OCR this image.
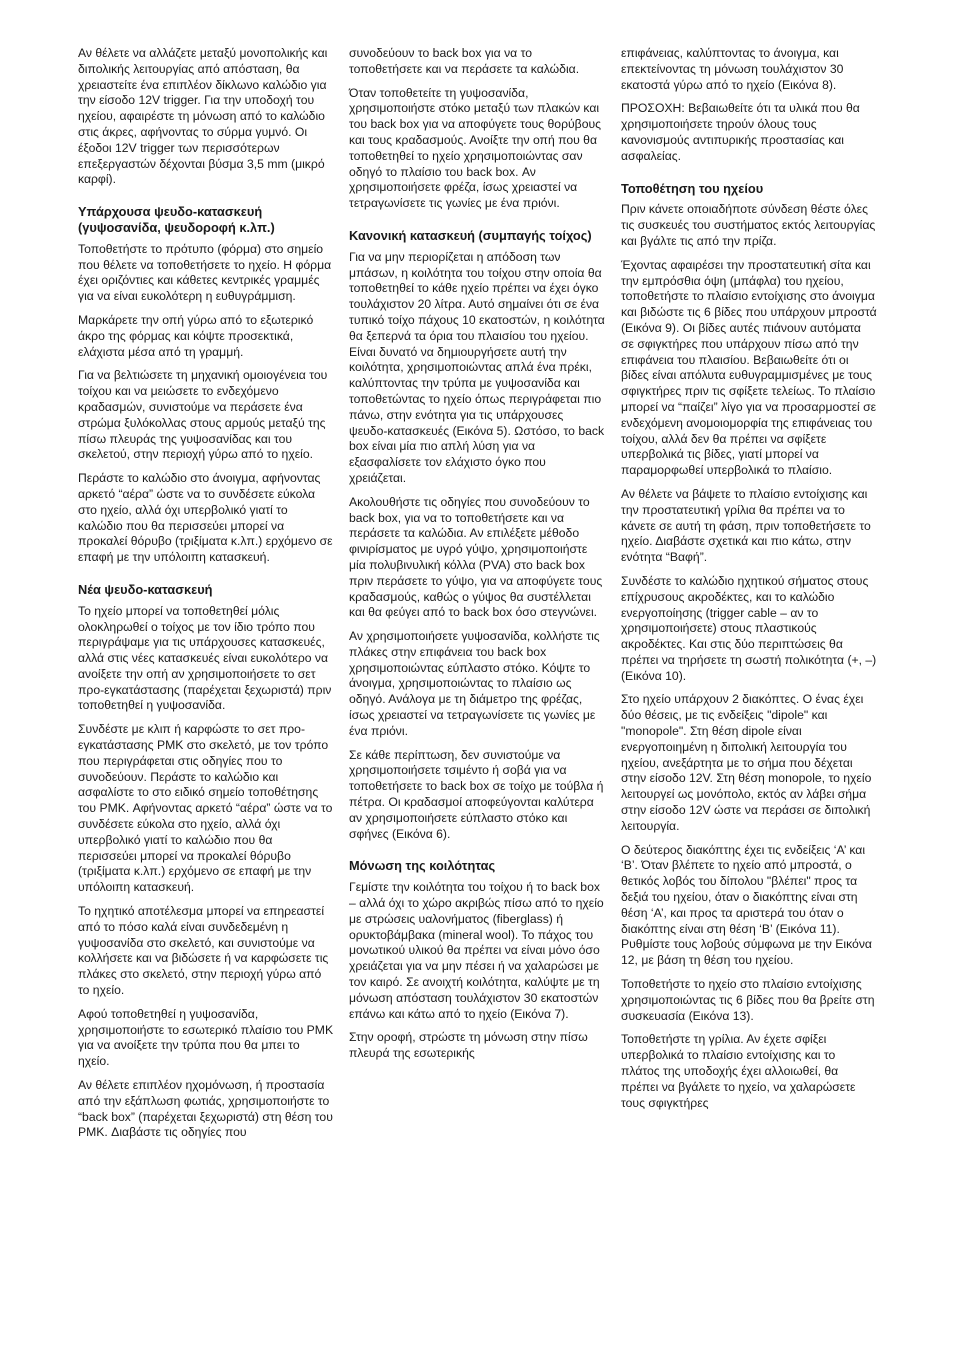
Αν θέλετε να αλλάζετε μεταξύ μονοπολικής και διπολικής λειτουργίας από απόσταση, θα χρειαστείτε ένα επιπλέον δίκλωνο καλώδιο για την είσοδο 12V trigger. Για την υποδοχή του ηχείου, αφαιρέστε τη μόνωση από το καλώδιο στις άκρες, αφήνοντας το σύρμα γυμνό. Οι έξοδοι 12V trigger των περισσότερων επεξεργαστών δέχονται βύσμα 3,5 mm (μικρό καρφί).

Υπάρχουσα ψευδο-κατασκευή (γυψοσανίδα, ψευδοροφή κ.λπ.)

Τοποθετήστε το πρότυπο (φόρμα) στο σημείο που θέλετε να τοποθετήσετε το ηχείο. Η φόρμα έχει οριζόντιες και κάθετες κεντρικές γραμμές για να είναι ευκολότερη η ευθυγράμμιση.

Μαρκάρετε την οπή γύρω από το εξωτερικό άκρο της φόρμας και κόψτε προσεκτικά, ελάχιστα μέσα από τη γραμμή.

Για να βελτιώσετε τη μηχανική ομοιογένεια του τοίχου και να μειώσετε το ενδεχόμενο κραδασμών, συνιστούμε να περάσετε ένα στρώμα ξυλόκολλας στους αρμούς μεταξύ της πίσω πλευράς της γυψοσανίδας και του σκελετού, στην περιοχή γύρω από το ηχείο.

Περάστε το καλώδιο στο άνοιγμα, αφήνοντας αρκετό “αέρα” ώστε να το συνδέσετε εύκολα στο ηχείο, αλλά όχι υπερβολικό γιατί το καλώδιο που θα περισσεύει μπορεί να προκαλεί θόρυβο (τριξίματα κ.λπ.) ερχόμενο σε επαφή με την υπόλοιπη κατασκευή.

Νέα ψευδο-κατασκευή

Το ηχείο μπορεί να τοποθετηθεί μόλις ολοκληρωθεί ο τοίχος με τον ίδιο τρόπο που περιγράψαμε για τις υπάρχουσες κατασκευές, αλλά στις νέες κατασκευές είναι ευκολότερο να ανοίξετε την οπή αν χρησιμοποιήσετε το σετ προ-εγκατάστασης (παρέχεται ξεχωριστά) πριν τοποθετηθεί η γυψοσανίδα.

Συνδέστε με κλιπ ή καρφώστε το σετ προ-εγκατάστασης PMK στο σκελετό, με τον τρόπο που περιγράφεται στις οδηγίες που το συνοδεύουν. Περάστε το καλώδιο και ασφαλίστε το στο ειδικό σημείο τοποθέτησης του PMK. Αφήνοντας αρκετό “αέρα” ώστε να το συνδέσετε εύκολα στο ηχείο, αλλά όχι υπερβολικό γιατί το καλώδιο που θα περισσεύει μπορεί να προκαλεί θόρυβο (τριξίματα κ.λπ.) ερχόμενο σε επαφή με την υπόλοιπη κατασκευή.

Το ηχητικό αποτέλεσμα μπορεί να επηρεαστεί από το πόσο καλά είναι συνδεδεμένη η γυψοσανίδα στο σκελετό, και συνιστούμε να κολλήσετε και να βιδώσετε ή να καρφώσετε τις πλάκες στο σκελετό, στην περιοχή γύρω από το ηχείο.

Αφού τοποθετηθεί η γυψοσανίδα, χρησιμοποιήστε το εσωτερικό πλαίσιο του PMK για να ανοίξετε την τρύπα που θα μπει το ηχείο.

Αν θέλετε επιπλέον ηχομόνωση, ή προστασία από την εξάπλωση φωτιάς, χρησιμοποιήστε το “back box” (παρέχεται ξεχωριστά) στη θέση του PMK. Διαβάστε τις οδηγίες που

συνοδεύουν το back box για να το τοποθετήσετε και να περάσετε τα καλώδια.

Όταν τοποθετείτε τη γυψοσανίδα, χρησιμοποιήστε στόκο μεταξύ των πλακών και του back box για να αποφύγετε τους θορύβους και τους κραδασμούς. Ανοίξτε την οπή που θα τοποθετηθεί το ηχείο χρησιμοποιώντας σαν οδηγό το πλαίσιο του back box. Αν χρησιμοποιήσετε φρέζα, ίσως χρειαστεί να τετραγωνίσετε τις γωνίες με ένα πριόνι.

Κανονική κατασκευή (συμπαγής τοίχος)

Για να μην περιορίζεται η απόδοση των μπάσων, η κοιλότητα του τοίχου στην οποία θα τοποθετηθεί το κάθε ηχείο πρέπει να έχει όγκο τουλάχιστον 20 λίτρα. Αυτό σημαίνει ότι σε ένα τυπικό τοίχο πάχους 10 εκατοστών, η κοιλότητα θα ξεπερνά τα όρια του πλαισίου του ηχείου. Είναι δυνατό να δημιουργήσετε αυτή την κοιλότητα, χρησιμοποιώντας απλά ένα πρέκι, καλύπτοντας την τρύπα με γυψοσανίδα και τοποθετώντας το ηχείο όπως περιγράφεται πιο πάνω, στην ενότητα για τις υπάρχουσες ψευδο-κατασκευές (Εικόνα 5). Ωστόσο, το back box είναι μία πιο απλή λύση για να εξασφαλίσετε τον ελάχιστο όγκο που χρειάζεται.

Ακολουθήστε τις οδηγίες που συνοδεύουν το back box, για να το τοποθετήσετε και να περάσετε τα καλώδια. Αν επιλέξετε μέθοδο φινιρίσματος με υγρό γύψο, χρησιμοποιήστε μία πολυβινυλική κόλλα (PVA) στο back box πριν περάσετε το γύψο, για να αποφύγετε τους κραδασμούς, καθώς ο γύψος θα συστέλλεται και θα φεύγει από το back box όσο στεγνώνει.

Αν χρησιμοποιήσετε γυψοσανίδα, κολλήστε τις πλάκες στην επιφάνεια του back box χρησιμοποιώντας εύπλαστο στόκο. Κόψτε το άνοιγμα, χρησιμοποιώντας το πλαίσιο ως οδηγό. Ανάλογα με τη διάμετρο της φρέζας, ίσως χρειαστεί να τετραγωνίσετε τις γωνίες με ένα πριόνι.

Σε κάθε περίπτωση, δεν συνιστούμε να χρησιμοποιήσετε τσιμέντο ή σοβά για να τοποθετήσετε το back box σε τοίχο με τούβλα ή πέτρα. Οι κραδασμοί αποφεύγονται καλύτερα αν χρησιμοποιήσετε εύπλαστο στόκο και σφήνες (Εικόνα 6).

Μόνωση της κοιλότητας

Γεμίστε την κοιλότητα του τοίχου ή το back box – αλλά όχι το χώρο ακριβώς πίσω από το ηχείο με στρώσεις υαλονήματος (fiberglass) ή ορυκτοβάμβακα (mineral wool). Το πάχος του μονωτικού υλικού θα πρέπει να είναι μόνο όσο χρειάζεται για να μην πέσει ή να χαλαρώσει με τον καιρό. Σε ανοιχτή κοιλότητα, καλύψτε με τη μόνωση απόσταση τουλάχιστον 30 εκατοστών επάνω και κάτω από το ηχείο (Εικόνα 7).

Στην οροφή, στρώστε τη μόνωση στην πίσω πλευρά της εσωτερικής

επιφάνειας, καλύπτοντας το άνοιγμα, και επεκτείνοντας τη μόνωση τουλάχιστον 30 εκατοστά γύρω από το ηχείο (Εικόνα 8).

ΠΡΟΣΟΧΗ: Βεβαιωθείτε ότι τα υλικά που θα χρησιμοποιήσετε τηρούν όλους τους κανονισμούς αντιπυρικής προστασίας και ασφαλείας.

Τοποθέτηση του ηχείου

Πριν κάνετε οποιαδήποτε σύνδεση θέστε όλες τις συσκευές του συστήματος εκτός λειτουργίας και βγάλτε τις από την πρίζα.

Έχοντας αφαιρέσει την προστατευτική σίτα και την εμπρόσθια όψη (μπάφλα) του ηχείου, τοποθετήστε το πλαίσιο εντοίχισης στο άνοιγμα και βιδώστε τις 6 βίδες που υπάρχουν μπροστά (Εικόνα 9). Οι βίδες αυτές πιάνουν αυτόματα σε σφιγκτήρες που υπάρχουν πίσω από την επιφάνεια του πλαισίου. Βεβαιωθείτε ότι οι βίδες είναι απόλυτα ευθυγραμμισμένες με τους σφιγκτήρες πριν τις σφίξετε τελείως. Το πλαίσιο μπορεί να “παίζει” λίγο για να προσαρμοστεί σε ενδεχόμενη ανομοιομορφία της επιφάνειας του τοίχου, αλλά δεν θα πρέπει να σφίξετε υπερβολικά τις βίδες, γιατί μπορεί να παραμορφωθεί υπερβολικά το πλαίσιο.

Αν θέλετε να βάψετε το πλαίσιο εντοίχισης και την προστατευτική γρίλια θα πρέπει να το κάνετε σε αυτή τη φάση, πριν τοποθετήσετε το ηχείο. Διαβάστε σχετικά και πιο κάτω, στην ενότητα “Βαφή”.

Συνδέστε το καλώδιο ηχητικού σήματος στους επίχρυσους ακροδέκτες, και το καλώδιο ενεργοποίησης (trigger cable – αν το χρησιμοποιήσετε) στους πλαστικούς ακροδέκτες. Και στις δύο περιπτώσεις θα πρέπει να τηρήσετε τη σωστή πολικότητα (+, –) (Εικόνα 10).

Στο ηχείο υπάρχουν 2 διακόπτες. Ο ένας έχει δύο θέσεις, με τις ενδείξεις "dipole" και "monopole". Στη θέση dipole είναι ενεργοποιημένη η διπολική λειτουργία του ηχείου, ανεξάρτητα με το σήμα που δέχεται στην είσοδο 12V. Στη θέση monopole, το ηχείο λειτουργεί ως μονόπολο, εκτός αν λάβει σήμα στην είσοδο 12V ώστε να περάσει σε διπολική λειτουργία.

Ο δεύτερος διακόπτης έχει τις ενδείξεις ‘A’ και ‘B’. Όταν βλέπετε το ηχείο από μπροστά, ο θετικός λοβός του δίπολου "βλέπει" προς τα δεξιά του ηχείου, όταν ο διακόπτης είναι στη θέση ‘A’, και προς τα αριστερά του όταν ο διακόπτης είναι στη θέση ‘B’ (Εικόνα 11). Ρυθμίστε τους λοβούς σύμφωνα με την Εικόνα 12, με βάση τη θέση του ηχείου.

Τοποθετήστε το ηχείο στο πλαίσιο εντοίχισης χρησιμοποιώντας τις 6 βίδες που θα βρείτε στη συσκευασία (Εικόνα 13).

Τοποθετήστε τη γρίλια. Αν έχετε σφίξει υπερβολικά το πλαίσιο εντοίχισης και το πλάτος της υποδοχής έχει αλλοιωθεί, θα πρέπει να βγάλετε το ηχείο, να χαλαρώσετε τους σφιγκτήρες
